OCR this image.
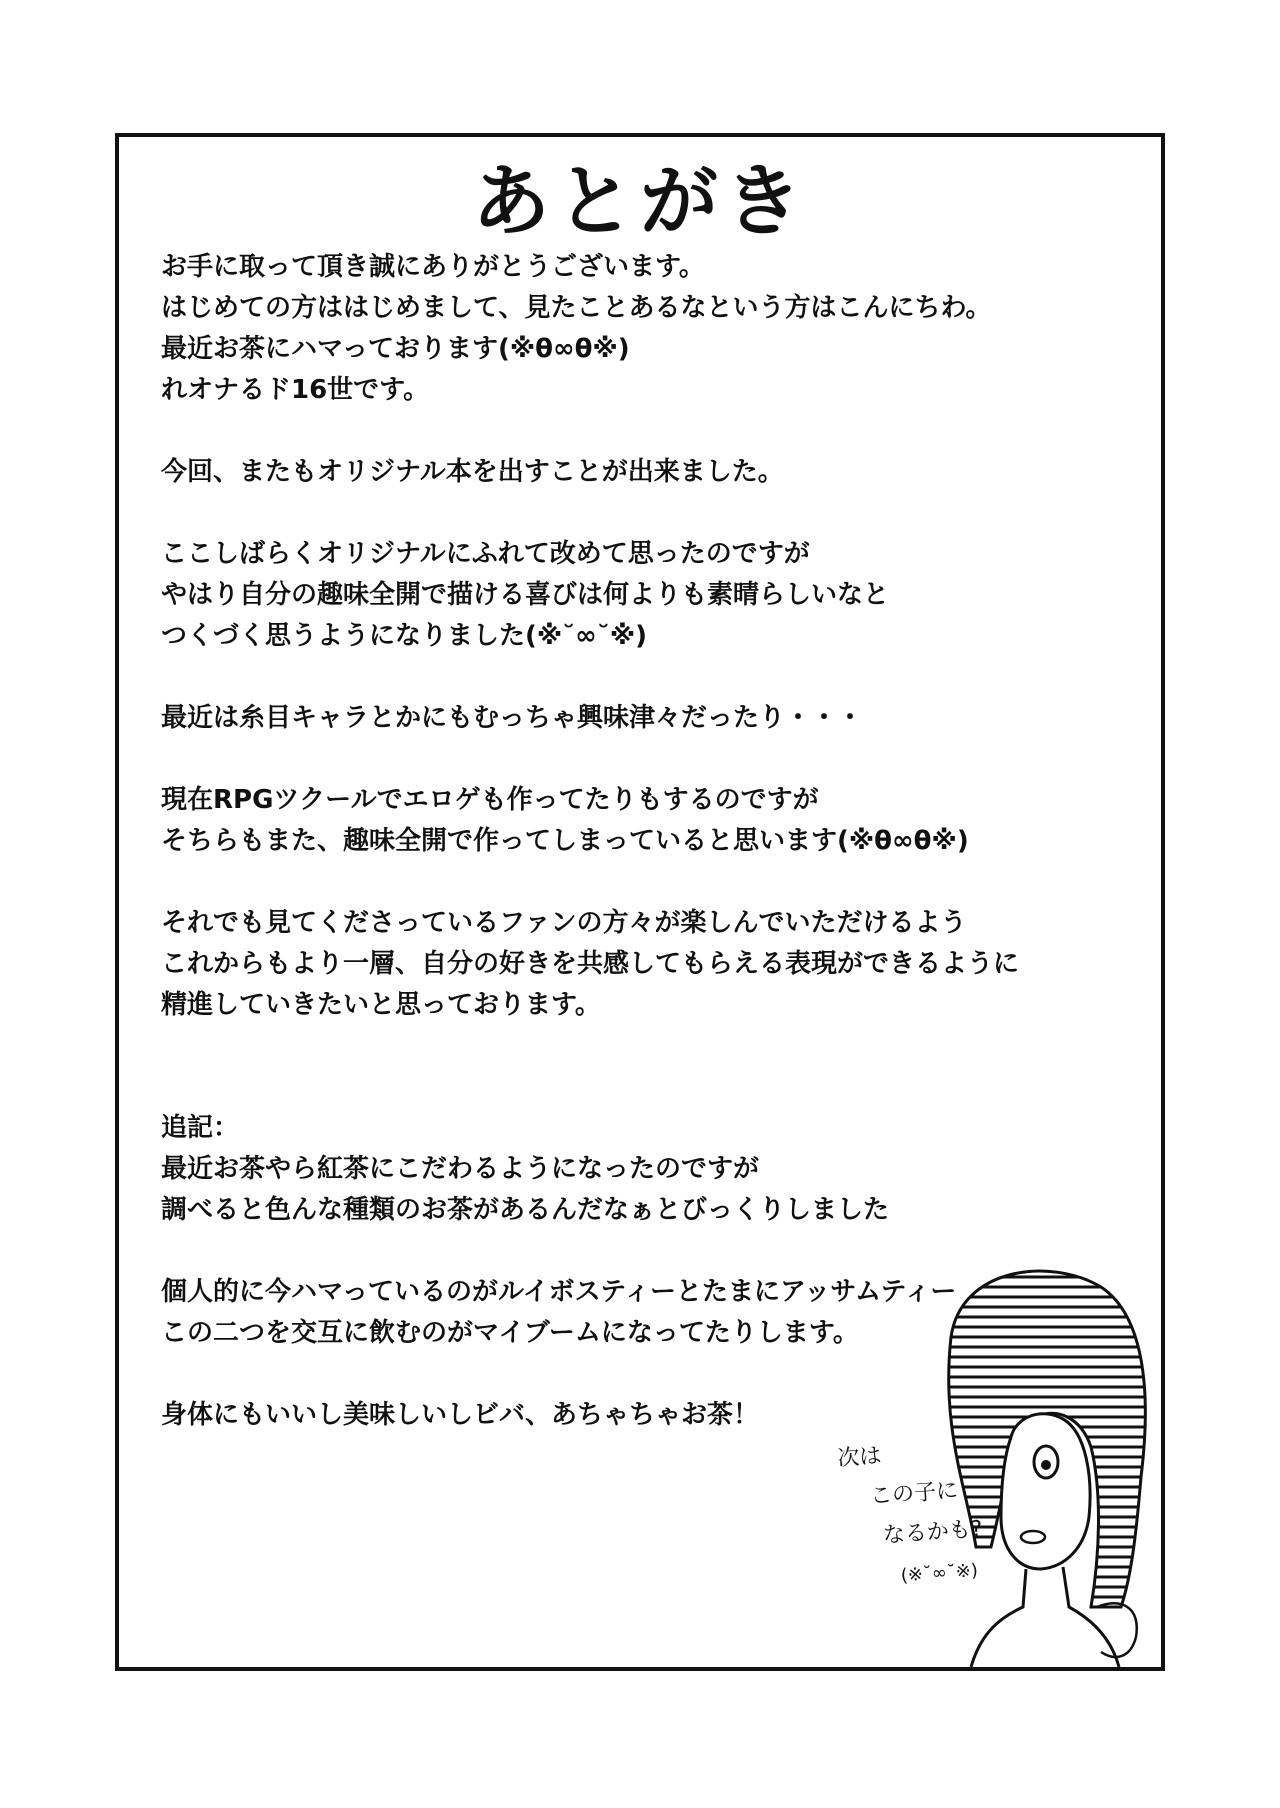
あとがき

お手に取って頂き誠にありがとうございます。

はじめての方ははじめまして、見たことあるなという方はこんにちわ。

最近お茶にハマっております(※θ∞θ※)

れオナるド16世です。

今回、またもオリジナル本を出すことが出来ました。

ここしばらくオリジナルにふれて改めて思ったのですが

やはり自分の趣味全開で描ける喜びは何よりも素晴らしいなと

つくづく思うようになりました(※˘∞˘※)

最近は糸目キャラとかにもむっちゃ興味津々だったり・・・

現在RPGツクールでエロゲも作ってたりもするのですが

そちらもまた、趣味全開で作ってしまっていると思います(※θ∞θ※)

それでも見てくださっているファンの方々が楽しんでいただけるよう

これからもより一層、自分の好きを共感してもらえる表現ができるように

精進していきたいと思っております。

追記：

最近お茶やら紅茶にこだわるようになったのですが

調べると色んな種類のお茶があるんだなぁとびっくりしました

個人的に今ハマっているのがルイボスティーとたまにアッサムティー

この二つを交互に飲むのがマイブームになってたりします。

身体にもいいし美味しいしビバ、あちゃちゃお茶！

次は
この子に
なるかも?
(※˘∞˘※)
